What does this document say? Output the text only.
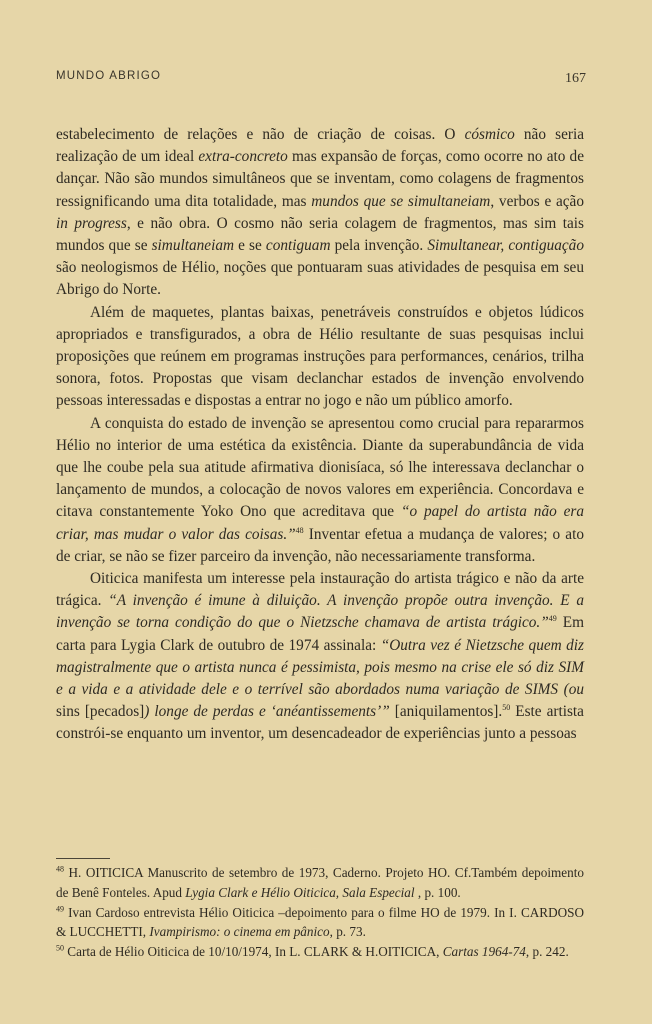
MUNDO ABRIGO	167

estabelecimento de relações e não de criação de coisas. O cósmico não seria realização de um ideal extra-concreto mas expansão de forças, como ocorre no ato de dançar. Não são mundos simultâneos que se inventam, como colagens de fragmentos ressignificando uma dita totalidade, mas mundos que se simultaneiam, verbos e ação in progress, e não obra. O cosmo não seria colagem de fragmentos, mas sim tais mundos que se simultaneiam e se contiguam pela invenção. Simultanear, contiguação são neologismos de Hélio, noções que pontuaram suas atividades de pesquisa em seu Abrigo do Norte.

Além de maquetes, plantas baixas, penetráveis construídos e objetos lúdicos apropriados e transfigurados, a obra de Hélio resultante de suas pesquisas inclui proposições que reúnem em programas instruções para performances, cenários, trilha sonora, fotos. Propostas que visam declanchar estados de invenção envolvendo pessoas interessadas e dispostas a entrar no jogo e não um público amorfo.

A conquista do estado de invenção se apresentou como crucial para repararmos Hélio no interior de uma estética da existência. Diante da superabundância de vida que lhe coube pela sua atitude afirmativa dionisíaca, só lhe interessava declanchar o lançamento de mundos, a colocação de novos valores em experiência. Concordava e citava constantemente Yoko Ono que acreditava que “o papel do artista não era criar, mas mudar o valor das coisas.”$^{48}$ Inventar efetua a mudança de valores; o ato de criar, se não se fizer parceiro da invenção, não necessariamente transforma.

Oiticica manifesta um interesse pela instauração do artista trágico e não da arte trágica. “A invenção é imune à diluição. A invenção propõe outra invenção. E a invenção se torna condição do que o Nietzsche chamava de artista trágico.”$^{49}$ Em carta para Lygia Clark de outubro de 1974 assinala: “Outra vez é Nietzsche quem diz magistralmente que o artista nunca é pessimista, pois mesmo na crise ele só diz SIM e a vida e a atividade dele e o terrível são abordados numa variação de SIMS (ou sins [pecados]) longe de perdas e ‘anéantissements’” [aniquilamentos].$^{50}$ Este artista constrói-se enquanto um inventor, um desencadeador de experiências junto a pessoas

$^{48}$ H. OITICICA Manuscrito de setembro de 1973, Caderno. Projeto HO. Cf.Também depoimento de Benê Fonteles. Apud Lygia Clark e Hélio Oiticica, Sala Especial , p. 100.

$^{49}$ Ivan Cardoso entrevista Hélio Oiticica –depoimento para o filme HO de 1979. In I. CARDOSO & LUCCHETTI, Ivampirismo: o cinema em pânico, p. 73.

$^{50}$ Carta de Hélio Oiticica de 10/10/1974, In L. CLARK & H.OITICICA, Cartas 1964-74, p. 242.
